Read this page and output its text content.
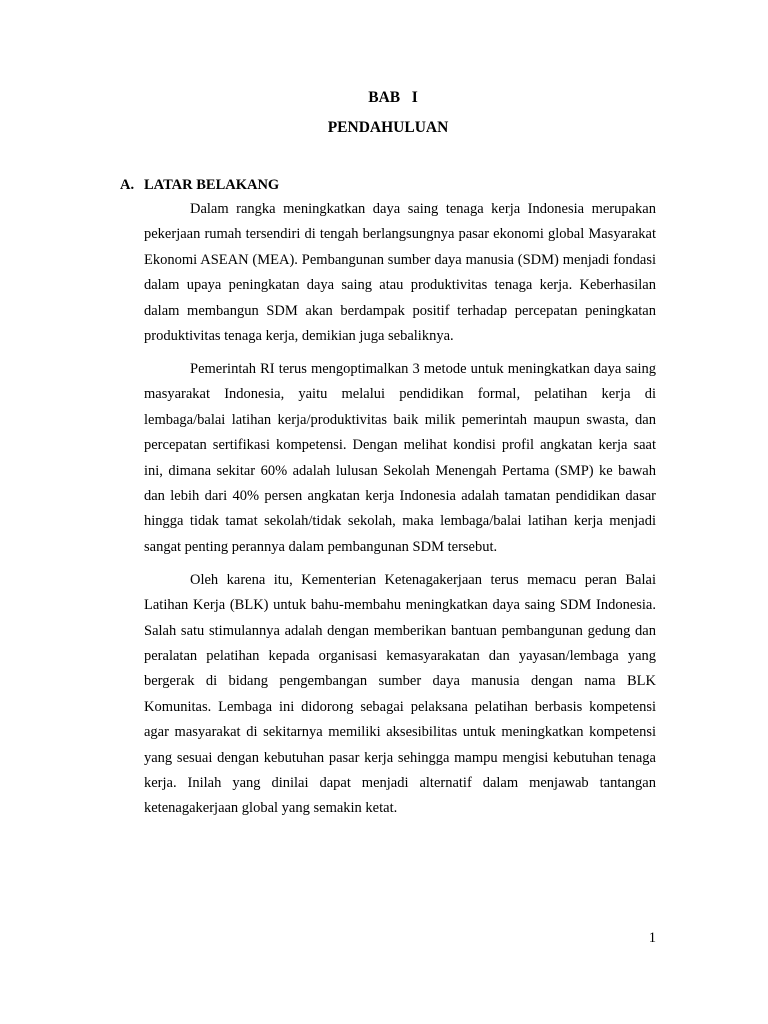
BAB   I
PENDAHULUAN
A. LATAR BELAKANG

Dalam rangka meningkatkan daya saing tenaga kerja Indonesia merupakan pekerjaan rumah tersendiri di tengah berlangsungnya pasar ekonomi global Masyarakat Ekonomi ASEAN (MEA). Pembangunan sumber daya manusia (SDM) menjadi fondasi dalam upaya peningkatan daya saing atau produktivitas tenaga kerja. Keberhasilan dalam membangun SDM akan berdampak positif terhadap percepatan peningkatan produktivitas tenaga kerja, demikian juga sebaliknya.

Pemerintah RI terus mengoptimalkan 3 metode untuk meningkatkan daya saing masyarakat Indonesia, yaitu melalui pendidikan formal, pelatihan kerja di lembaga/balai latihan kerja/produktivitas baik milik pemerintah maupun swasta, dan percepatan sertifikasi kompetensi. Dengan melihat kondisi profil angkatan kerja saat ini, dimana sekitar 60% adalah lulusan Sekolah Menengah Pertama (SMP) ke bawah dan lebih dari 40% persen angkatan kerja Indonesia adalah tamatan pendidikan dasar hingga tidak tamat sekolah/tidak sekolah, maka lembaga/balai latihan kerja menjadi sangat penting perannya dalam pembangunan SDM tersebut.

Oleh karena itu, Kementerian Ketenagakerjaan terus memacu peran Balai Latihan Kerja (BLK) untuk bahu-membahu meningkatkan daya saing SDM Indonesia. Salah satu stimulannya adalah dengan memberikan bantuan pembangunan gedung dan peralatan pelatihan kepada organisasi kemasyarakatan dan yayasan/lembaga yang bergerak di bidang pengembangan sumber daya manusia dengan nama BLK Komunitas. Lembaga ini didorong sebagai pelaksana pelatihan berbasis kompetensi agar masyarakat di sekitarnya memiliki aksesibilitas untuk meningkatkan kompetensi yang sesuai dengan kebutuhan pasar kerja sehingga mampu mengisi kebutuhan tenaga kerja. Inilah yang dinilai dapat menjadi alternatif dalam menjawab tantangan ketenagakerjaan global yang semakin ketat.

1
